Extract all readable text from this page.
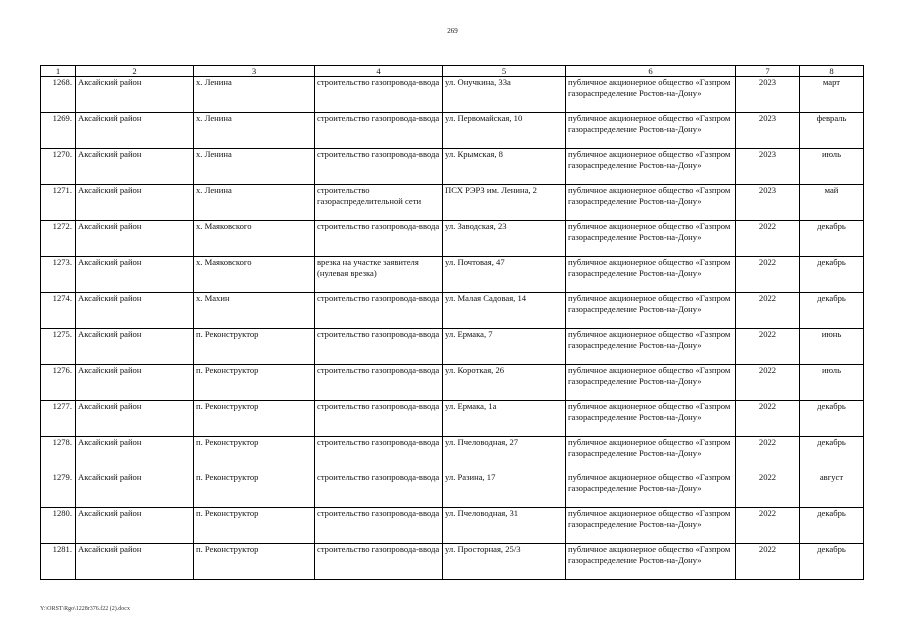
269
1	2	3	4	5	6	7	8
1268.	Аксайский район	х. Ленина	строительство газопровода-ввода	ул. Онучкина, 33а	публичное акционерное общество «Газпром газораспределение Ростов-на-Дону»	2023	март
1269.	Аксайский район	х. Ленина	строительство газопровода-ввода	ул. Первомайская, 10	публичное акционерное общество «Газпром газораспределение Ростов-на-Дону»	2023	февраль
1270.	Аксайский район	х. Ленина	строительство газопровода-ввода	ул. Крымская, 8	публичное акционерное общество «Газпром газораспределение Ростов-на-Дону»	2023	июль
1271.	Аксайский район	х. Ленина	строительство газораспределительной сети	ПСХ РЭРЗ им. Ленина, 2	публичное акционерное общество «Газпром газораспределение Ростов-на-Дону»	2023	май
1272.	Аксайский район	х. Маяковского	строительство газопровода-ввода	ул. Заводская, 23	публичное акционерное общество «Газпром газораспределение Ростов-на-Дону»	2022	декабрь
1273.	Аксайский район	х. Маяковского	врезка на участке заявителя (нулевая врезка)	ул. Почтовая, 47	публичное акционерное общество «Газпром газораспределение Ростов-на-Дону»	2022	декабрь
1274.	Аксайский район	х. Махин	строительство газопровода-ввода	ул. Малая Садовая, 14	публичное акционерное общество «Газпром газораспределение Ростов-на-Дону»	2022	декабрь
1275.	Аксайский район	п. Реконструктор	строительство газопровода-ввода	ул. Ермака, 7	публичное акционерное общество «Газпром газораспределение Ростов-на-Дону»	2022	июнь
1276.	Аксайский район	п. Реконструктор	строительство газопровода-ввода	ул. Короткая, 26	публичное акционерное общество «Газпром газораспределение Ростов-на-Дону»	2022	июль
1277.	Аксайский район	п. Реконструктор	строительство газопровода-ввода	ул. Ермака, 1а	публичное акционерное общество «Газпром газораспределение Ростов-на-Дону»	2022	декабрь
1278.	Аксайский район	п. Реконструктор	строительство газопровода-ввода	ул. Пчеловодная, 27	публичное акционерное общество «Газпром газораспределение Ростов-на-Дону»	2022	декабрь
1279.	Аксайский район	п. Реконструктор	строительство газопровода-ввода	ул. Разина, 17	публичное акционерное общество «Газпром газораспределение Ростов-на-Дону»	2022	август
1280.	Аксайский район	п. Реконструктор	строительство газопровода-ввода	ул. Пчеловодная, 31	публичное акционерное общество «Газпром газораспределение Ростов-на-Дону»	2022	декабрь
1281.	Аксайский район	п. Реконструктор	строительство газопровода-ввода	ул. Просторная, 25/3	публичное акционерное общество «Газпром газораспределение Ростов-на-Дону»	2022	декабрь
Y:\ORST\Rgo\1228r376.f22 (2).docx
